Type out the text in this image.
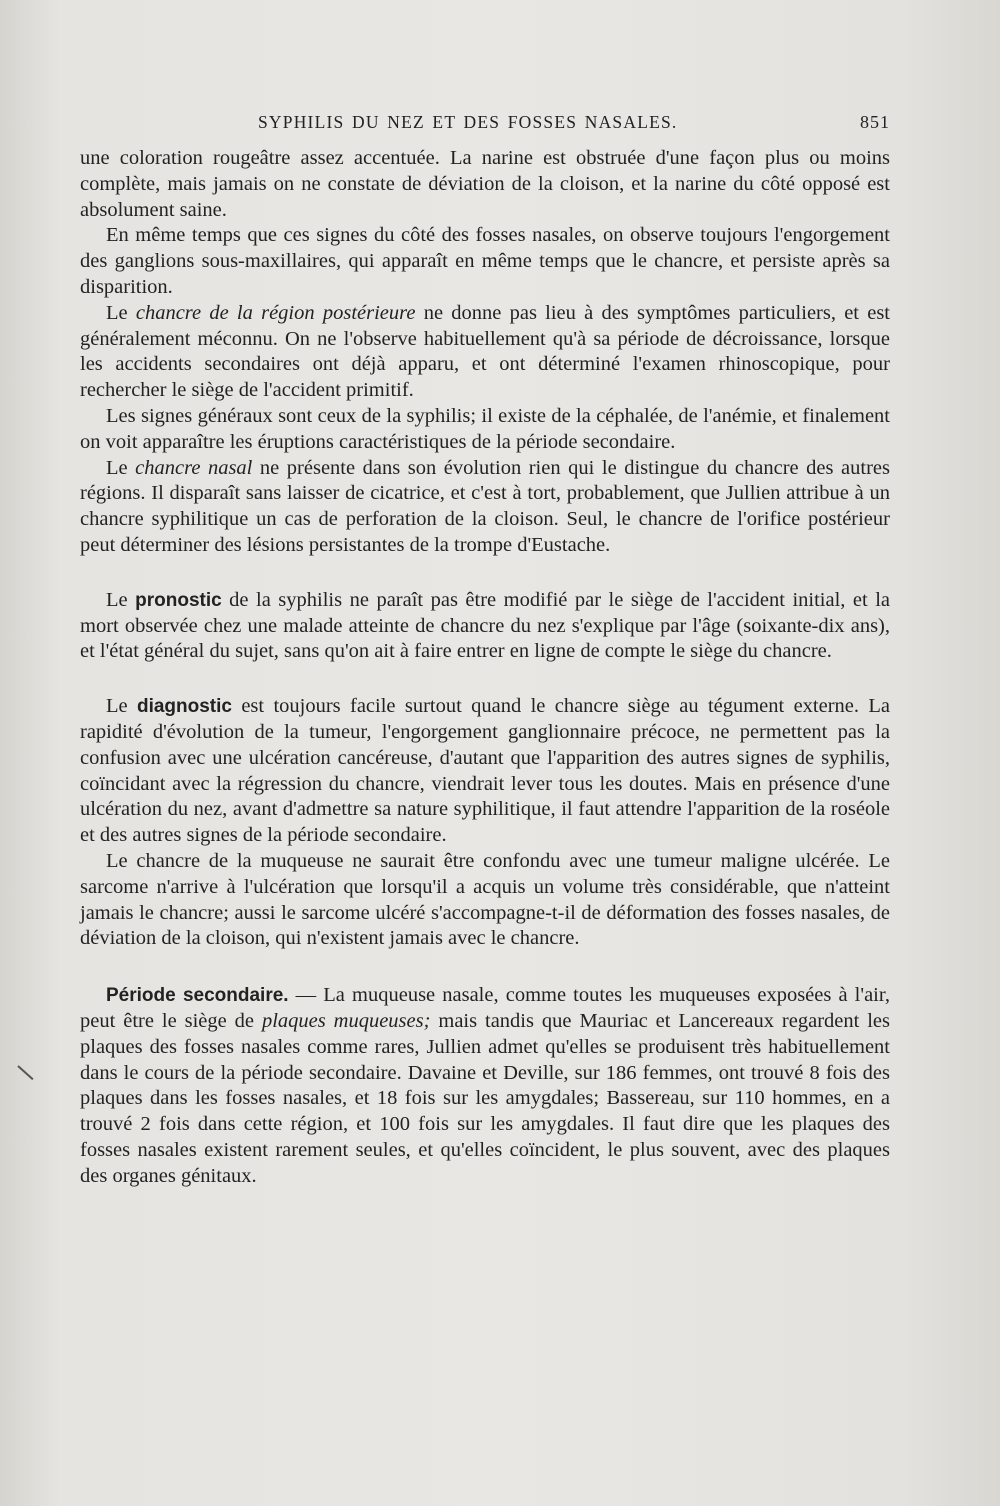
SYPHILIS DU NEZ ET DES FOSSES NASALES.	851

une coloration rougeâtre assez accentuée. La narine est obstruée d'une façon plus ou moins complète, mais jamais on ne constate de déviation de la cloison, et la narine du côté opposé est absolument saine.

En même temps que ces signes du côté des fosses nasales, on observe toujours l'engorgement des ganglions sous-maxillaires, qui apparaît en même temps que le chancre, et persiste après sa disparition.

Le chancre de la région postérieure ne donne pas lieu à des symptômes particuliers, et est généralement méconnu. On ne l'observe habituellement qu'à sa période de décroissance, lorsque les accidents secondaires ont déjà apparu, et ont déterminé l'examen rhinoscopique, pour rechercher le siège de l'accident primitif.

Les signes généraux sont ceux de la syphilis; il existe de la céphalée, de l'anémie, et finalement on voit apparaître les éruptions caractéristiques de la période secondaire.

Le chancre nasal ne présente dans son évolution rien qui le distingue du chancre des autres régions. Il disparaît sans laisser de cicatrice, et c'est à tort, probablement, que Jullien attribue à un chancre syphilitique un cas de perforation de la cloison. Seul, le chancre de l'orifice postérieur peut déterminer des lésions persistantes de la trompe d'Eustache.

Le pronostic de la syphilis ne paraît pas être modifié par le siège de l'accident initial, et la mort observée chez une malade atteinte de chancre du nez s'explique par l'âge (soixante-dix ans), et l'état général du sujet, sans qu'on ait à faire entrer en ligne de compte le siège du chancre.

Le diagnostic est toujours facile surtout quand le chancre siège au tégument externe. La rapidité d'évolution de la tumeur, l'engorgement ganglionnaire précoce, ne permettent pas la confusion avec une ulcération cancéreuse, d'autant que l'apparition des autres signes de syphilis, coïncidant avec la régression du chancre, viendrait lever tous les doutes. Mais en présence d'une ulcération du nez, avant d'admettre sa nature syphilitique, il faut attendre l'apparition de la roséole et des autres signes de la période secondaire.

Le chancre de la muqueuse ne saurait être confondu avec une tumeur maligne ulcérée. Le sarcome n'arrive à l'ulcération que lorsqu'il a acquis un volume très considérable, que n'atteint jamais le chancre; aussi le sarcome ulcéré s'accompagne-t-il de déformation des fosses nasales, de déviation de la cloison, qui n'existent jamais avec le chancre.

Période secondaire. — La muqueuse nasale, comme toutes les muqueuses exposées à l'air, peut être le siège de plaques muqueuses; mais tandis que Mauriac et Lancereaux regardent les plaques des fosses nasales comme rares, Jullien admet qu'elles se produisent très habituellement dans le cours de la période secondaire. Davaine et Deville, sur 186 femmes, ont trouvé 8 fois des plaques dans les fosses nasales, et 18 fois sur les amygdales; Bassereau, sur 110 hommes, en a trouvé 2 fois dans cette région, et 100 fois sur les amygdales. Il faut dire que les plaques des fosses nasales existent rarement seules, et qu'elles coïncident, le plus souvent, avec des plaques des organes génitaux.
